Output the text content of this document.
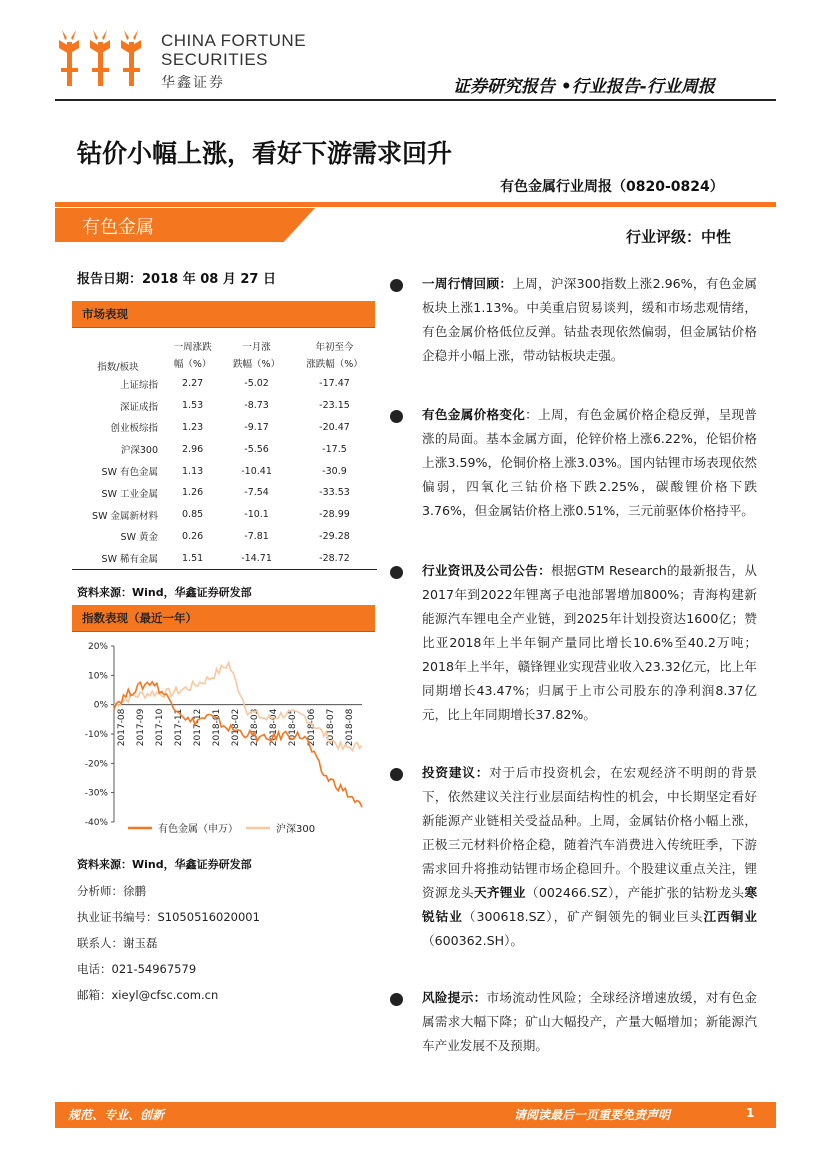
CHINA FORTUNE
SECURITIES
华鑫证券	证券研究报告 •行业报告-行业周报
钴价小幅上涨，看好下游需求回升
有色金属行业周报（0820-0824）
有色金属	行业评级：中性
报告日期：2018 年 08 月 27 日
市场表现
指数/板块	一周涨跌	一月涨	年初至今
	幅（%）	跌幅（%）	涨跌幅（%）
上证综指	2.27	-5.02	-17.47
深证成指	1.53	-8.73	-23.15
创业板综指	1.23	-9.17	-20.47
沪深300	2.96	-5.56	-17.5
SW 有色金属	1.13	-10.41	-30.9
SW 工业金属	1.26	-7.54	-33.53
SW 金属新材料	0.85	-10.1	-28.99
SW 黄金	0.26	-7.81	-29.28
SW 稀有金属	1.51	-14.71	-28.72
资料来源：Wind，华鑫证券研发部
指数表现（最近一年）
20%
10%
0%
-10%
-20%
-30%
-40%
2017-08 2017-09 2017-10 2017-11 2017-12 2018-01 2018-02 2018-03 2018-04 2018-05 2018-06 2018-07 2018-08
有色金属（申万）	沪深300
资料来源：Wind，华鑫证券研发部
分析师：徐鹏
执业证书编号：S1050516020001
联系人：谢玉磊
电话：021-54967579
邮箱：xieyl@cfsc.com.cn
一周行情回顾：上周，沪深300指数上涨2.96%，有色金属板块上涨1.13%。中美重启贸易谈判，缓和市场悲观情绪，有色金属价格低位反弹。钴盐表现依然偏弱，但金属钴价格企稳并小幅上涨，带动钴板块走强。
有色金属价格变化：上周，有色金属价格企稳反弹，呈现普涨的局面。基本金属方面，伦锌价格上涨6.22%，伦铝价格上涨3.59%，伦铜价格上涨3.03%。国内钴锂市场表现依然偏弱，四氧化三钴价格下跌2.25%，碳酸锂价格下跌3.76%，但金属钴价格上涨0.51%，三元前驱体价格持平。
行业资讯及公司公告：根据GTM Research的最新报告，从2017年到2022年锂离子电池部署增加800%；青海构建新能源汽车锂电全产业链，到2025年计划投资达1600亿；赞比亚2018年上半年铜产量同比增长10.6%至40.2万吨；2018年上半年，赣锋锂业实现营业收入23.32亿元，比上年同期增长43.47%；归属于上市公司股东的净利润8.37亿元，比上年同期增长37.82%。
投资建议：对于后市投资机会，在宏观经济不明朗的背景下，依然建议关注行业层面结构性的机会，中长期坚定看好新能源产业链相关受益品种。上周，金属钴价格小幅上涨，正极三元材料价格企稳，随着汽车消费进入传统旺季，下游需求回升将推动钴锂市场企稳回升。个股建议重点关注，锂资源龙头天齐锂业（002466.SZ），产能扩张的钴粉龙头寒锐钴业（300618.SZ），矿产铜领先的铜业巨头江西铜业（600362.SH）。
风险提示：市场流动性风险；全球经济增速放缓，对有色金属需求大幅下降；矿山大幅投产，产量大幅增加；新能源汽车产业发展不及预期。
规范、专业、创新	请阅读最后一页重要免责声明	1
